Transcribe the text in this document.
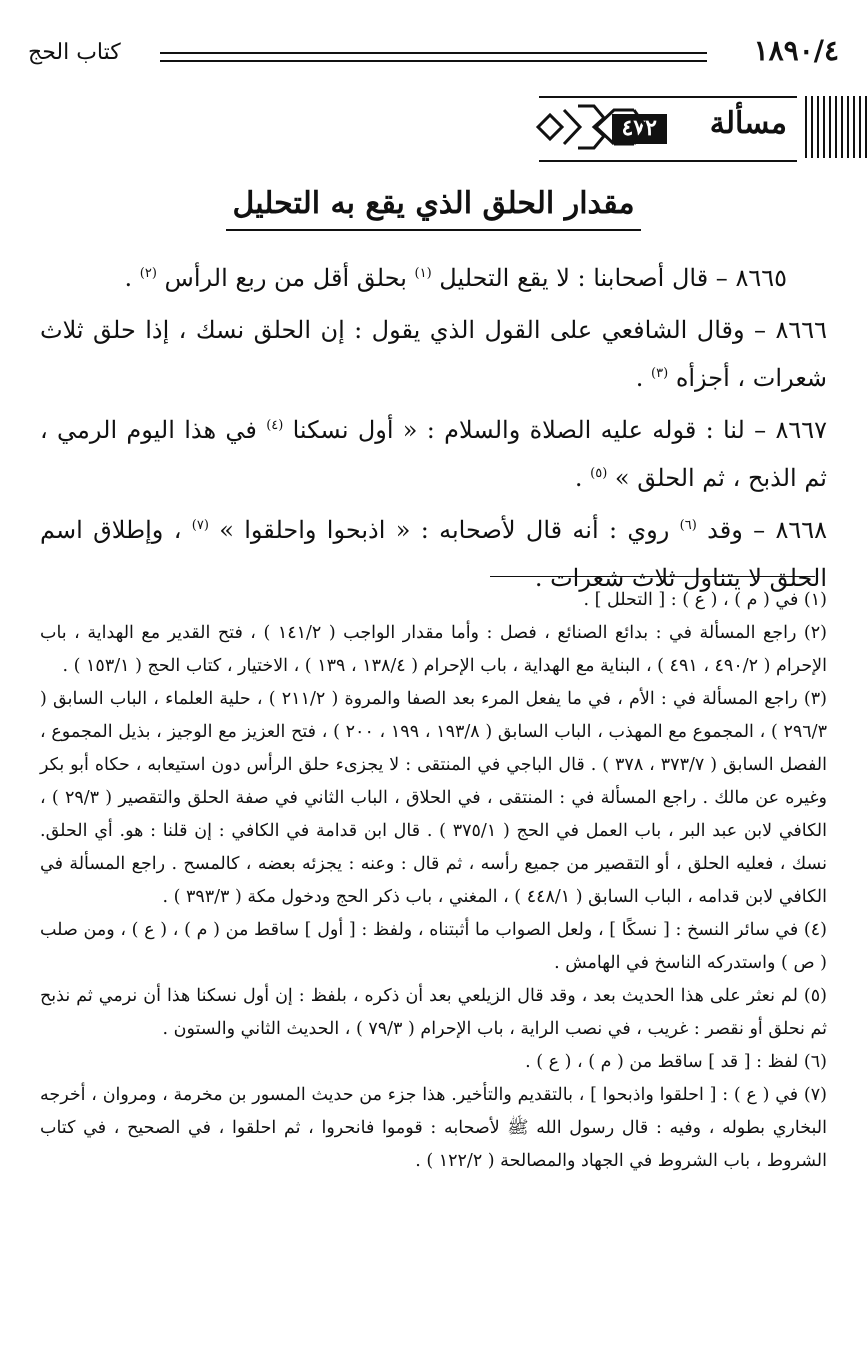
١٨٩٠/٤
كتاب الحج
مسألة
٤٧٢
مقدار الحلق الذي يقع به التحليل

٨٦٦٥ – قال أصحابنا : لا يقع التحليل $^{(١)}$ بحلق أقل من ربع الرأس $^{(٢)}$ .

٨٦٦٦ – وقال الشافعي على القول الذي يقول : إن الحلق نسك ، إذا حلق ثلاث شعرات ، أجزأه $^{(٣)}$ .

٨٦٦٧ – لنا : قوله عليه الصلاة والسلام : « أول نسكنا $^{(٤)}$ في هذا اليوم الرمي ، ثم الذبح ، ثم الحلق » $^{(٥)}$ .

٨٦٦٨ – وقد $^{(٦)}$ روي : أنه قال لأصحابه : « اذبحوا واحلقوا » $^{(٧)}$ ، وإطلاق اسم الحلق لا يتناول ثلاث شعرات .

(١) في ( م ) ، ( ع ) : [ التحلل ] .

(٢) راجع المسألة في : بدائع الصنائع ، فصل : وأما مقدار الواجب ( ١٤١/٢ ) ، فتح القدير مع الهداية ، باب الإحرام ( ٤٩٠/٢ ، ٤٩١ ) ، البناية مع الهداية ، باب الإحرام ( ١٣٨/٤ ، ١٣٩ ) ، الاختيار ، كتاب الحج ( ١٥٣/١ ) .

(٣) راجع المسألة في : الأم ، في ما يفعل المرء بعد الصفا والمروة ( ٢١١/٢ ) ، حلية العلماء ، الباب السابق ( ٢٩٦/٣ ) ، المجموع مع المهذب ، الباب السابق ( ١٩٣/٨ ، ١٩٩ ، ٢٠٠ ) ، فتح العزيز مع الوجيز ، بذيل المجموع ، الفصل السابق ( ٣٧٣/٧ ، ٣٧٨ ) . قال الباجي في المنتقى : لا يجزىء حلق الرأس دون استيعابه ، حكاه أبو بكر وغيره عن مالك . راجع المسألة في : المنتقى ، في الحلاق ، الباب الثاني في صفة الحلق والتقصير ( ٢٩/٣ ) ، الكافي لابن عبد البر ، باب العمل في الحج ( ٣٧٥/١ ) . قال ابن قدامة في الكافي : إن قلنا : هو. أي الحلق. نسك ، فعليه الحلق ، أو التقصير من جميع رأسه ، ثم قال : وعنه : يجزئه بعضه ، كالمسح . راجع المسألة في الكافي لابن قدامه ، الباب السابق ( ٤٤٨/١ ) ، المغني ، باب ذكر الحج ودخول مكة ( ٣٩٣/٣ ) .

(٤) في سائر النسخ : [ نسكًا ] ، ولعل الصواب ما أثبتناه ، ولفظ : [ أول ] ساقط من ( م ) ، ( ع ) ، ومن صلب ( ص ) واستدركه الناسخ في الهامش .

(٥) لم نعثر على هذا الحديث بعد ، وقد قال الزيلعي بعد أن ذكره ، بلفظ : إن أول نسكنا هذا أن نرمي ثم نذبح ثم نحلق أو نقصر : غريب ، في نصب الراية ، باب الإحرام ( ٧٩/٣ ) ، الحديث الثاني والستون .

(٦) لفظ : [ قد ] ساقط من ( م ) ، ( ع ) .

(٧) في ( ع ) : [ احلقوا واذبحوا ] ، بالتقديم والتأخير. هذا جزء من حديث المسور بن مخرمة ، ومروان ، أخرجه البخاري بطوله ، وفيه : قال رسول الله ﷺ لأصحابه : قوموا فانحروا ، ثم احلقوا ، في الصحيح ، في كتاب الشروط ، باب الشروط في الجهاد والمصالحة ( ١٢٢/٢ ) .
